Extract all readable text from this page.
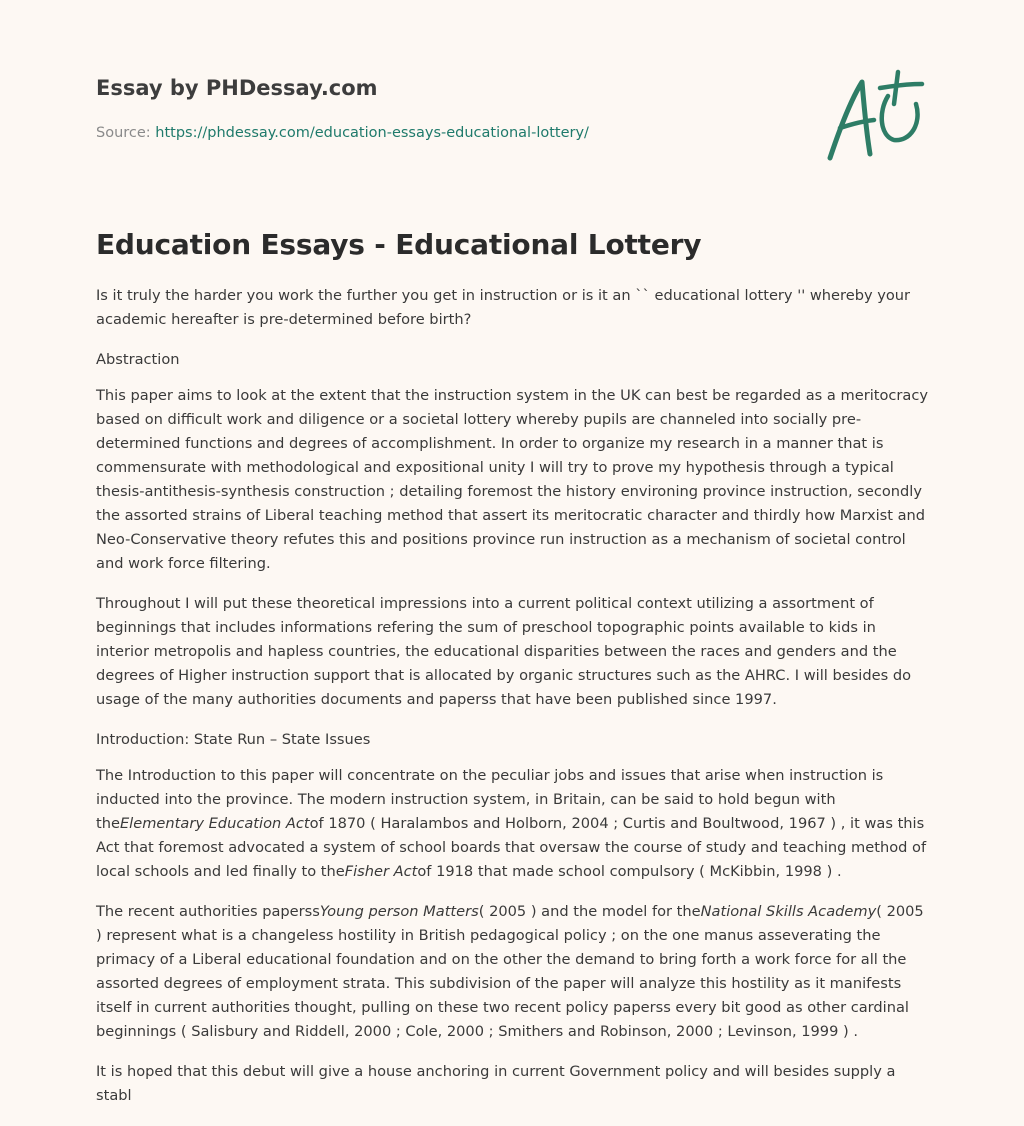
Essay by PHDessay.com
Source: https://phdessay.com/education-essays-educational-lottery/
Education Essays - Educational Lottery

Is it truly the harder you work the further you get in instruction or is it an `` educational lottery '' whereby your academic hereafter is pre-determined before birth?

Abstraction

This paper aims to look at the extent that the instruction system in the UK can best be regarded as a meritocracy based on difficult work and diligence or a societal lottery whereby pupils are channeled into socially pre-determined functions and degrees of accomplishment. In order to organize my research in a manner that is commensurate with methodological and expositional unity I will try to prove my hypothesis through a typical thesis-antithesis-synthesis construction ; detailing foremost the history environing province instruction, secondly the assorted strains of Liberal teaching method that assert its meritocratic character and thirdly how Marxist and Neo-Conservative theory refutes this and positions province run instruction as a mechanism of societal control and work force filtering.

Throughout I will put these theoretical impressions into a current political context utilizing a assortment of beginnings that includes informations refering the sum of preschool topographic points available to kids in interior metropolis and hapless countries, the educational disparities between the races and genders and the degrees of Higher instruction support that is allocated by organic structures such as the AHRC. I will besides do usage of the many authorities documents and paperss that have been published since 1997.

Introduction: State Run – State Issues

The Introduction to this paper will concentrate on the peculiar jobs and issues that arise when instruction is inducted into the province. The modern instruction system, in Britain, can be said to hold begun with theElementary Education Actof 1870 ( Haralambos and Holborn, 2004 ; Curtis and Boultwood, 1967 ) , it was this Act that foremost advocated a system of school boards that oversaw the course of study and teaching method of local schools and led finally to theFisher Actof 1918 that made school compulsory ( McKibbin, 1998 ) .

The recent authorities paperssYoung person Matters( 2005 ) and the model for theNational Skills Academy( 2005 ) represent what is a changeless hostility in British pedagogical policy ; on the one manus asseverating the primacy of a Liberal educational foundation and on the other the demand to bring forth a work force for all the assorted degrees of employment strata. This subdivision of the paper will analyze this hostility as it manifests itself in current authorities thought, pulling on these two recent policy paperss every bit good as other cardinal beginnings ( Salisbury and Riddell, 2000 ; Cole, 2000 ; Smithers and Robinson, 2000 ; Levinson, 1999 ) .

It is hoped that this debut will give a house anchoring in current Government policy and will besides supply a stabl
